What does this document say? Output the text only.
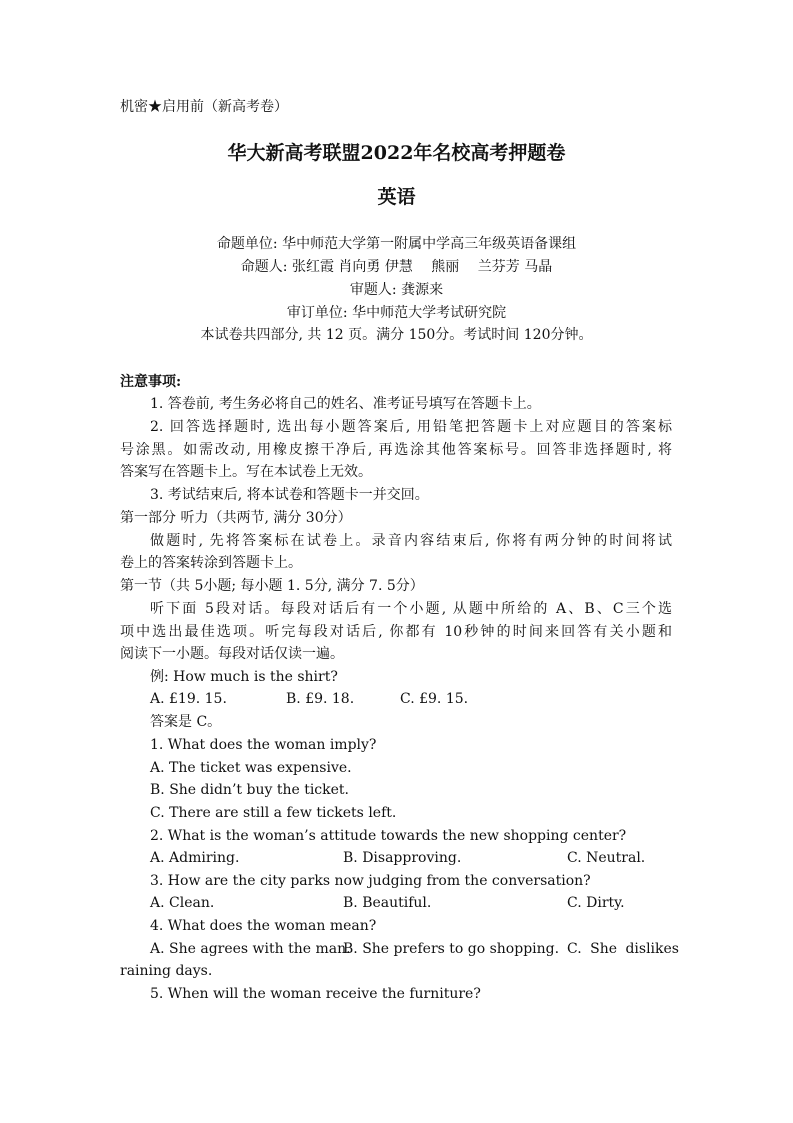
机密★启用前（新高考卷）
华大新高考联盟2022年名校高考押题卷
英语
命题单位: 华中师范大学第一附属中学高三年级英语备课组
命题人: 张红霞 肖向勇 伊慧　 熊丽　 兰芬芳 马晶
审题人: 龚源来
审订单位: 华中师范大学考试研究院
本试卷共四部分, 共 12 页。满分 150分。考试时间 120分钟。
注意事项:
1. 答卷前, 考生务必将自己的姓名、准考证号填写在答题卡上。
2. 回答选择题时, 选出每小题答案后, 用铅笔把答题卡上对应题目的答案标
号涂黑。如需改动, 用橡皮擦干净后, 再选涂其他答案标号。回答非选择题时, 将
答案写在答题卡上。写在本试卷上无效。
3. 考试结束后, 将本试卷和答题卡一并交回。
第一部分 听力（共两节, 满分 30分）
做题时, 先将答案标在试卷上。录音内容结束后, 你将有两分钟的时间将试
卷上的答案转涂到答题卡上。
第一节（共 5小题; 每小题 1. 5分, 满分 7. 5分）
听下面 5段对话。每段对话后有一个小题, 从题中所给的 A、B、C三个选
项中选出最佳选项。听完每段对话后, 你都有 10秒钟的时间来回答有关小题和
阅读下一小题。每段对话仅读一遍。
例: How much is the shirt?
A. £19. 15.	B. £9. 18.	C. £9. 15.
答案是 C。
1. What does the woman imply?
A. The ticket was expensive.
B. She didn’t buy the ticket.
C. There are still a few tickets left.
2. What is the woman’s attitude towards the new shopping center?
A. Admiring.	B. Disapproving.	C. Neutral.
3. How are the city parks now judging from the conversation?
A. Clean.	B. Beautiful.	C. Dirty.
4. What does the woman mean?
A. She agrees with the man.
B. She prefers to go shopping. C. She dislikes
raining days.
5. When will the woman receive the furniture?
